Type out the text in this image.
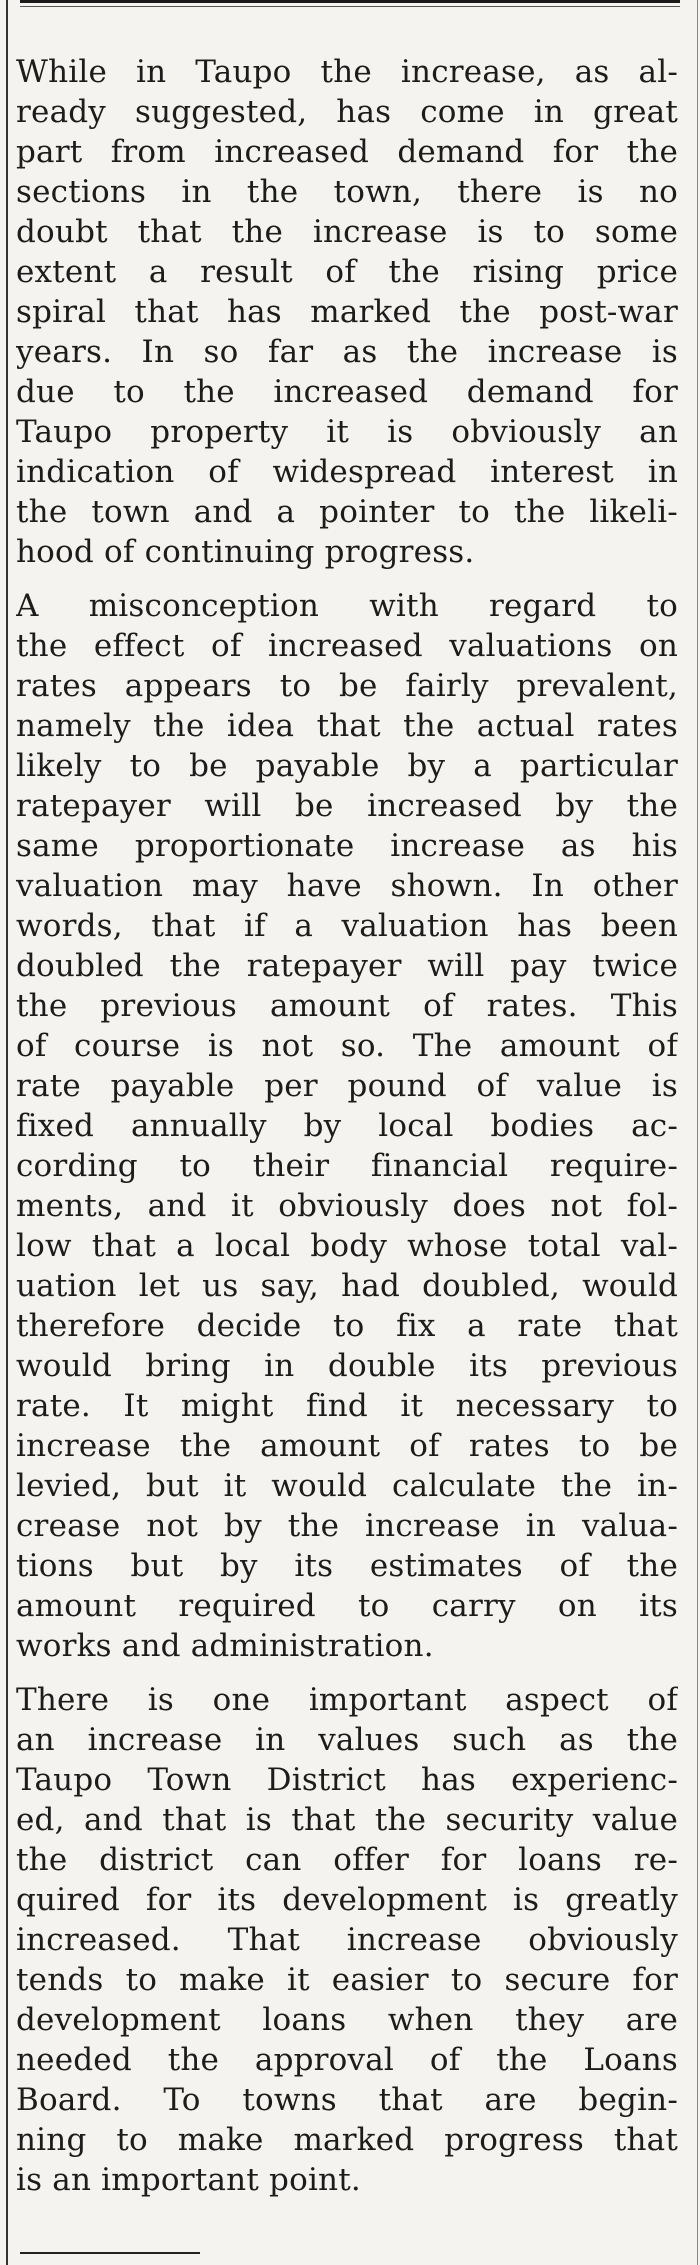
While in Taupo the increase, as al-
ready suggested, has come in great
part from increased demand for the
sections in the town, there is no
doubt that the increase is to some
extent a result of the rising price
spiral that has marked the post-war
years. In so far as the increase is
due to the increased demand for
Taupo property it is obviously an
indication of widespread interest in
the town and a pointer to the likeli-
hood of continuing progress.
A misconception with regard to
the effect of increased valuations on
rates appears to be fairly prevalent,
namely the idea that the actual rates
likely to be payable by a particular
ratepayer will be increased by the
same proportionate increase as his
valuation may have shown. In other
words, that if a valuation has been
doubled the ratepayer will pay twice
the previous amount of rates. This
of course is not so. The amount of
rate payable per pound of value is
fixed annually by local bodies ac-
cording to their financial require-
ments, and it obviously does not fol-
low that a local body whose total val-
uation let us say, had doubled, would
therefore decide to fix a rate that
would bring in double its previous
rate. It might find it necessary to
increase the amount of rates to be
levied, but it would calculate the in-
crease not by the increase in valua-
tions but by its estimates of the
amount required to carry on its
works and administration.
There is one important aspect of
an increase in values such as the
Taupo Town District has experienc-
ed, and that is that the security value
the district can offer for loans re-
quired for its development is greatly
increased. That increase obviously
tends to make it easier to secure for
development loans when they are
needed the approval of the Loans
Board. To towns that are begin-
ning to make marked progress that
is an important point.
